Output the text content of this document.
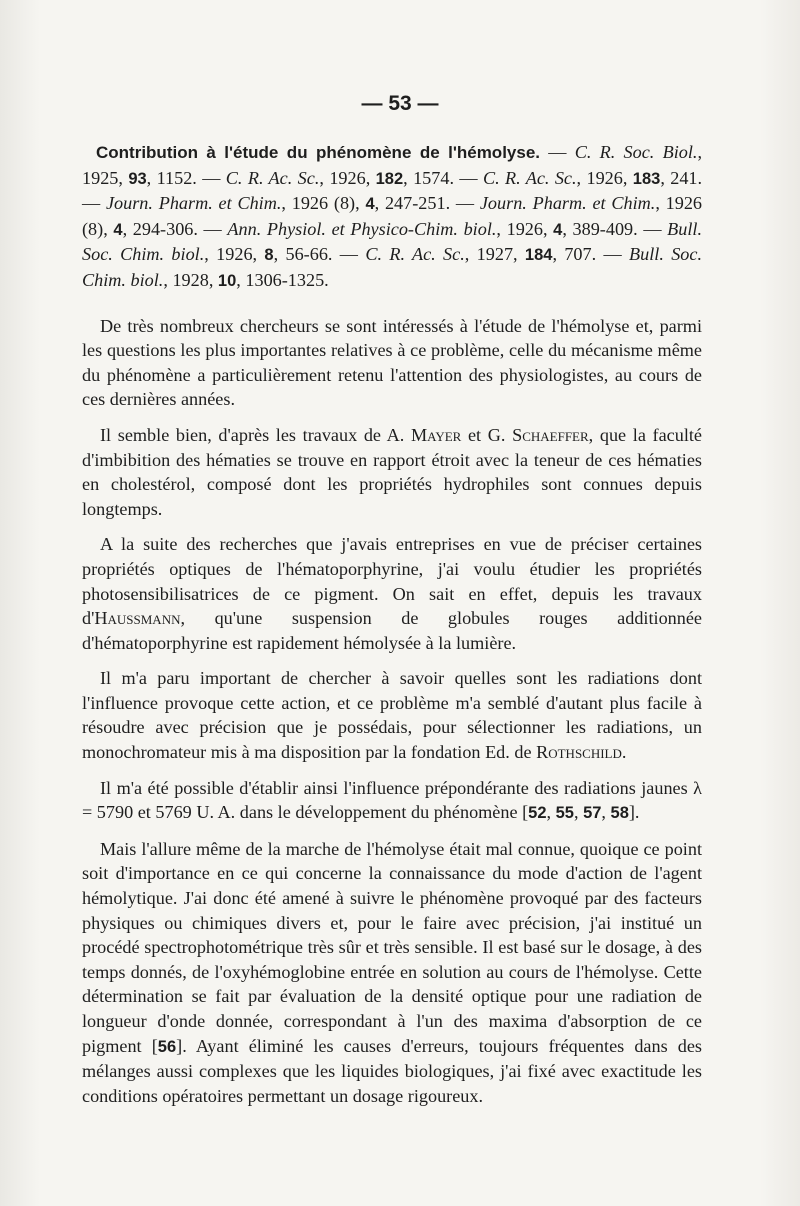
— 53 —

Contribution à l'étude du phénomène de l'hémolyse. — C. R. Soc. Biol., 1925, 93, 1152. — C. R. Ac. Sc., 1926, 182, 1574. — C. R. Ac. Sc., 1926, 183, 241. — Journ. Pharm. et Chim., 1926 (8), 4, 247-251. — Journ. Pharm. et Chim., 1926 (8), 4, 294-306. — Ann. Physiol. et Physico-Chim. biol., 1926, 4, 389-409. — Bull. Soc. Chim. biol., 1926, 8, 56-66. — C. R. Ac. Sc., 1927, 184, 707. — Bull. Soc. Chim. biol., 1928, 10, 1306-1325.

De très nombreux chercheurs se sont intéressés à l'étude de l'hémolyse et, parmi les questions les plus importantes relatives à ce problème, celle du mécanisme même du phénomène a particulièrement retenu l'attention des physiologistes, au cours de ces dernières années.

Il semble bien, d'après les travaux de A. Mayer et G. Schaeffer, que la faculté d'imbibition des hématies se trouve en rapport étroit avec la teneur de ces hématies en cholestérol, composé dont les propriétés hydrophiles sont connues depuis longtemps.

A la suite des recherches que j'avais entreprises en vue de préciser certaines propriétés optiques de l'hématoporphyrine, j'ai voulu étudier les propriétés photosensibilisatrices de ce pigment. On sait en effet, depuis les travaux d'Haussmann, qu'une suspension de globules rouges additionnée d'hématoporphyrine est rapidement hémolysée à la lumière.

Il m'a paru important de chercher à savoir quelles sont les radiations dont l'influence provoque cette action, et ce problème m'a semblé d'autant plus facile à résoudre avec précision que je possédais, pour sélectionner les radiations, un monochromateur mis à ma disposition par la fondation Ed. de Rothschild.

Il m'a été possible d'établir ainsi l'influence prépondérante des radiations jaunes λ = 5790 et 5769 U. A. dans le développement du phénomène [52, 55, 57, 58].

Mais l'allure même de la marche de l'hémolyse était mal connue, quoique ce point soit d'importance en ce qui concerne la connaissance du mode d'action de l'agent hémolytique. J'ai donc été amené à suivre le phénomène provoqué par des facteurs physiques ou chimiques divers et, pour le faire avec précision, j'ai institué un procédé spectrophotométrique très sûr et très sensible. Il est basé sur le dosage, à des temps donnés, de l'oxyhémoglobine entrée en solution au cours de l'hémolyse. Cette détermination se fait par évaluation de la densité optique pour une radiation de longueur d'onde donnée, correspondant à l'un des maxima d'absorption de ce pigment [56]. Ayant éliminé les causes d'erreurs, toujours fréquentes dans des mélanges aussi complexes que les liquides biologiques, j'ai fixé avec exactitude les conditions opératoires permettant un dosage rigoureux.
